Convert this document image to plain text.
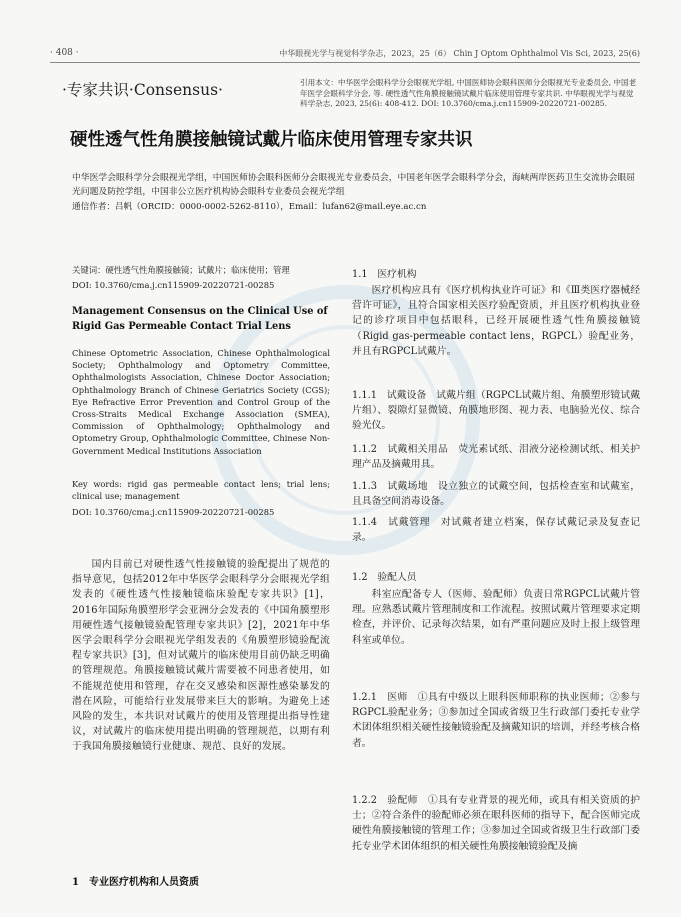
· 408 ·	中华眼视光学与视觉科学杂志，2023，25（6） Chin J Optom Ophthalmol Vis Sci, 2023, 25(6)
·专家共识·Consensus·	引用本文：中华医学会眼科学分会眼视光学组, 中国医师协会眼科医师分会眼视光专业委员会, 中国老年医学会眼科学分会, 等. 硬性透气性角膜接触镜试戴片临床使用管理专家共识. 中华眼视光学与视觉科学杂志, 2023, 25(6): 408-412. DOI: 10.3760/cma.j.cn115909-20220721-00285.
硬性透气性角膜接触镜试戴片临床使用管理专家共识
中华医学会眼科学分会眼视光学组，中国医师协会眼科医师分会眼视光专业委员会，中国老年医学会眼科学分会，海峡两岸医药卫生交流协会眼屈光问题及防控学组，中国非公立医疗机构协会眼科专业委员会视光学组
通信作者：吕帆（ORCID：0000-0002-5262-8110），Email：lufan62@mail.eye.ac.cn
关键词：硬性透气性角膜接触镜；试戴片；临床使用；管理
DOI: 10.3760/cma.j.cn115909-20220721-00285
Management Consensus on the Clinical Use of Rigid Gas Permeable Contact Trial Lens
Chinese Optometric Association, Chinese Ophthalmological Society; Ophthalmology and Optometry Committee, Ophthalmologists Association, Chinese Doctor Association; Ophthalmology Branch of Chinese Geriatrics Society (CGS); Eye Refractive Error Prevention and Control Group of the Cross-Straits Medical Exchange Association (SMEA), Commission of Ophthalmology; Ophthalmology and Optometry Group, Ophthalmologic Committee, Chinese Non-Government Medical Institutions Association
Key words: rigid gas permeable contact lens; trial lens; clinical use; management
DOI: 10.3760/cma.j.cn115909-20220721-00285

国内目前已对硬性透气性接触镜的验配提出了规范的指导意见，包括2012年中华医学会眼科学分会眼视光学组发表的《硬性透气性接触镜临床验配专家共识》[1]，2016年国际角膜塑形学会亚洲分会发表的《中国角膜塑形用硬性透气接触镜验配管理专家共识》[2]，2021年中华医学会眼科学分会眼视光学组发表的《角膜塑形镜验配流程专家共识》[3]，但对试戴片的临床使用目前仍缺乏明确的管理规范。角膜接触镜试戴片需要被不同患者使用，如不能规范使用和管理，存在交叉感染和医源性感染暴发的潜在风险，可能给行业发展带来巨大的影响。为避免上述风险的发生，本共识对试戴片的使用及管理提出指导性建议，对试戴片的临床使用提出明确的管理规范，以期有利于我国角膜接触镜行业健康、规范、良好的发展。

1　专业医疗机构和人员资质
1.1　医疗机构

医疗机构应具有《医疗机构执业许可证》和《Ⅲ类医疗器械经营许可证》，且符合国家相关医疗验配资质，并且医疗机构执业登记的诊疗项目中包括眼科，已经开展硬性透气性角膜接触镜（Rigid gas-permeable contact lens，RGPCL）验配业务，并且有RGPCL试戴片。

1.1.1　试戴设备　试戴片组（RGPCL试戴片组、角膜塑形镜试戴片组）、裂隙灯显微镜、角膜地形图、视力表、电脑验光仪、综合验光仪。

1.1.2　试戴相关用品　荧光素试纸、泪液分泌检测试纸、相关护理产品及摘戴用具。

1.1.3　试戴场地　设立独立的试戴空间，包括检查室和试戴室，且具备空间消毒设备。

1.1.4　试戴管理　对试戴者建立档案，保存试戴记录及复查记录。

1.2　验配人员

科室应配备专人（医师、验配师）负责日常RGPCL试戴片管理。应熟悉试戴片管理制度和工作流程。按照试戴片管理要求定期检查，并评价、记录每次结果，如有严重问题应及时上报上级管理科室或单位。

1.2.1　医师　①具有中级以上眼科医师职称的执业医师；②参与RGPCL验配业务；③参加过全国或省级卫生行政部门委托专业学术团体组织相关硬性接触镜验配及摘戴知识的培训，并经考核合格者。

1.2.2　验配师　①具有专业背景的视光师，或具有相关资质的护士；②符合条件的验配师必须在眼科医师的指导下，配合医师完成硬性角膜接触镜的管理工作；③参加过全国或省级卫生行政部门委托专业学术团体组织的相关硬性角膜接触镜验配及摘
